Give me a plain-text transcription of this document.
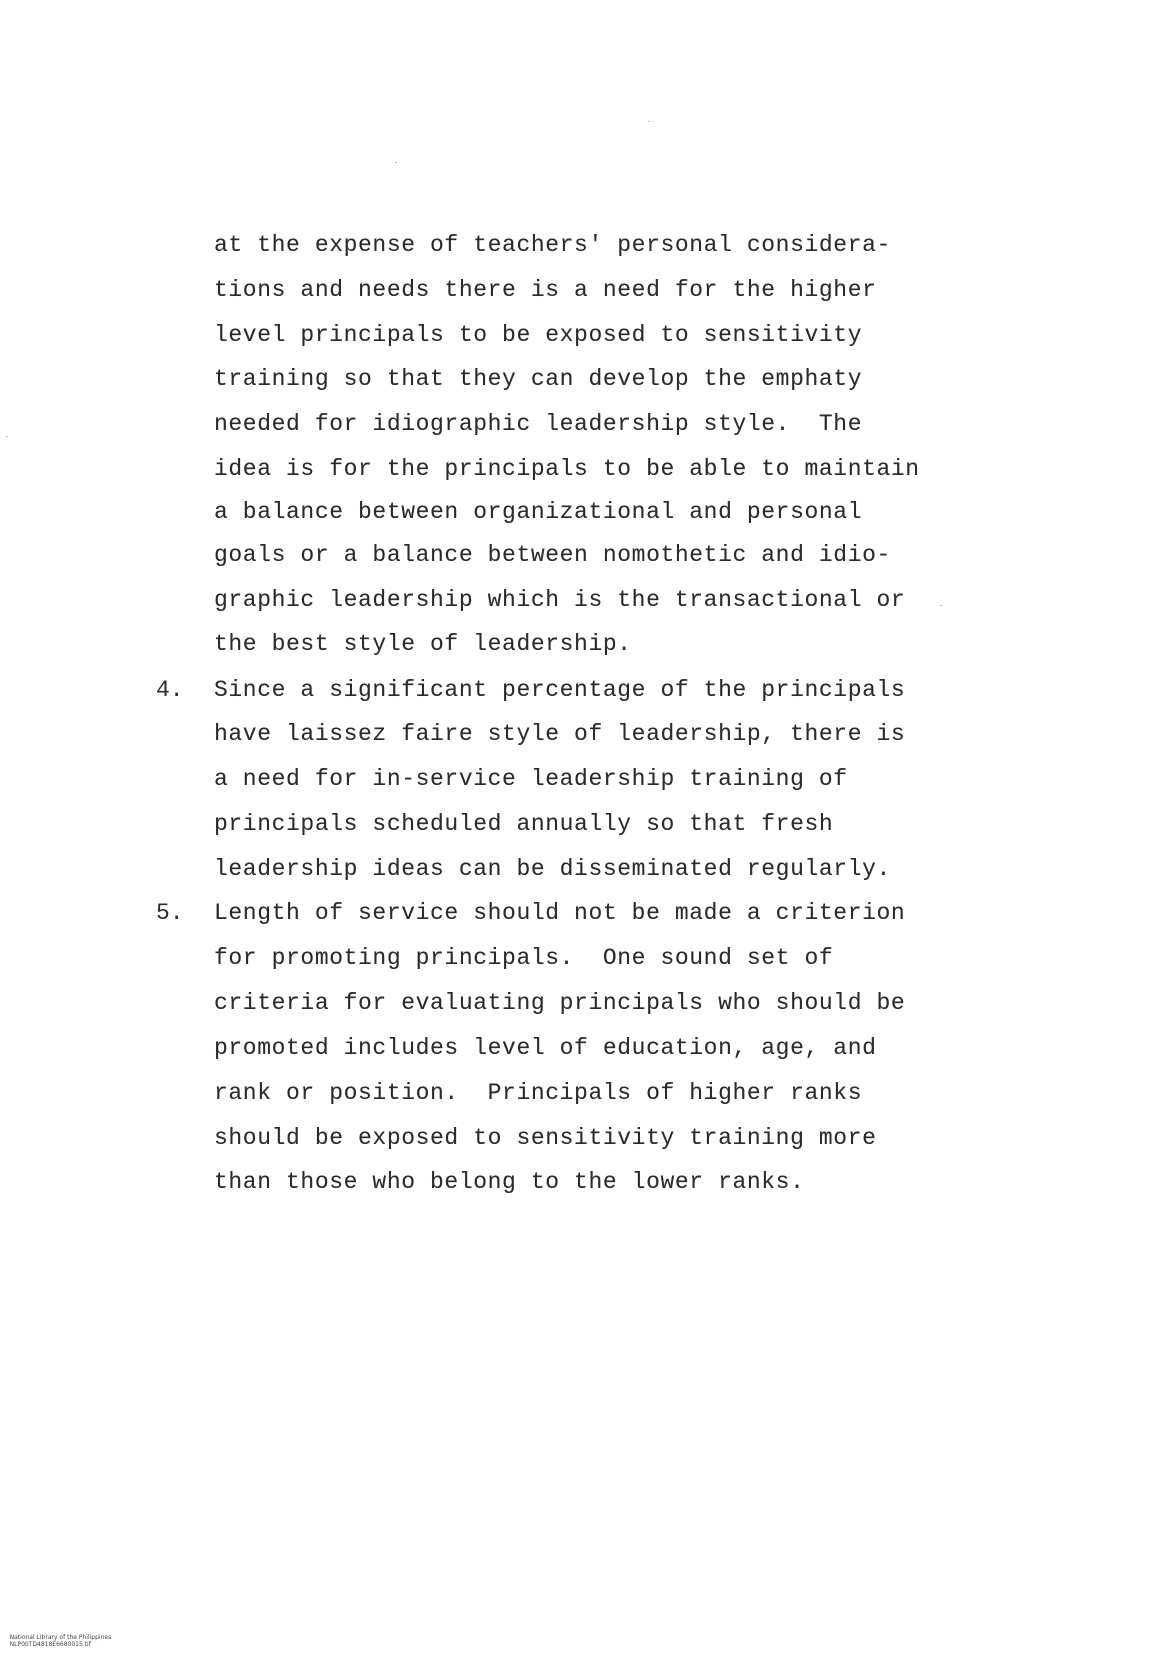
at the expense of teachers' personal considera-
tions and needs there is a need for the higher
level principals to be exposed to sensitivity
training so that they can develop the emphaty
needed for idiographic leadership style.  The
idea is for the principals to be able to maintain
a balance between organizational and personal
goals or a balance between nomothetic and idio-
graphic leadership which is the transactional or
the best style of leadership.
4. Since a significant percentage of the principals
have laissez faire style of leadership, there is
a need for in-service leadership training of
principals scheduled annually so that fresh
leadership ideas can be disseminated regularly.
5. Length of service should not be made a criterion
for promoting principals.  One sound set of
criteria for evaluating principals who should be
promoted includes level of education, age, and
rank or position.  Principals of higher ranks
should be exposed to sensitivity training more
than those who belong to the lower ranks.

National Library of the Philippines
NLP00TD4818E6680015.tif
